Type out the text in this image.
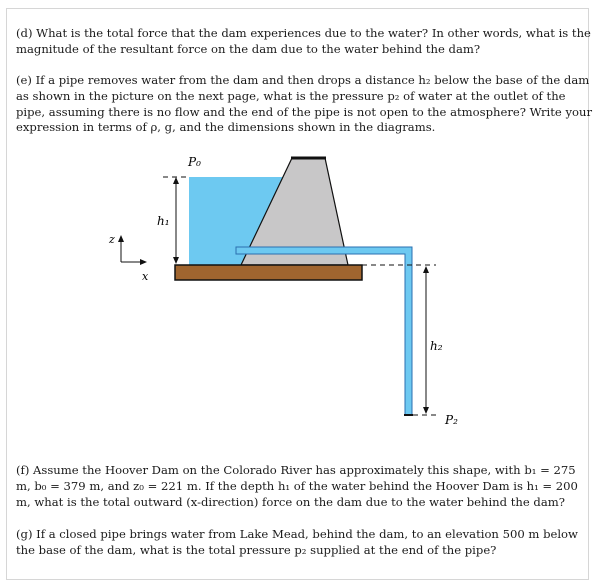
(d) What is the total force that the dam experiences due to the water? In other words, what is the
magnitude of the resultant force on the dam due to the water behind the dam?
(e) If a pipe removes water from the dam and then drops a distance h₂ below the base of the dam
as shown in the picture on the next page, what is the pressure p₂ of water at the outlet of the
pipe, assuming there is no flow and the end of the pipe is not open to the atmosphere? Write your
expression in terms of ρ, g, and the dimensions shown in the diagrams.
P₀
h₁
z
x
h₂
P₂
(f) Assume the Hoover Dam on the Colorado River has approximately this shape, with b₁ = 275
m, b₀ = 379 m, and z₀ = 221 m. If the depth h₁ of the water behind the Hoover Dam is h₁ = 200
m, what is the total outward (x-direction) force on the dam due to the water behind the dam?
(g) If a closed pipe brings water from Lake Mead, behind the dam, to an elevation 500 m below
the base of the dam, what is the total pressure p₂ supplied at the end of the pipe?
